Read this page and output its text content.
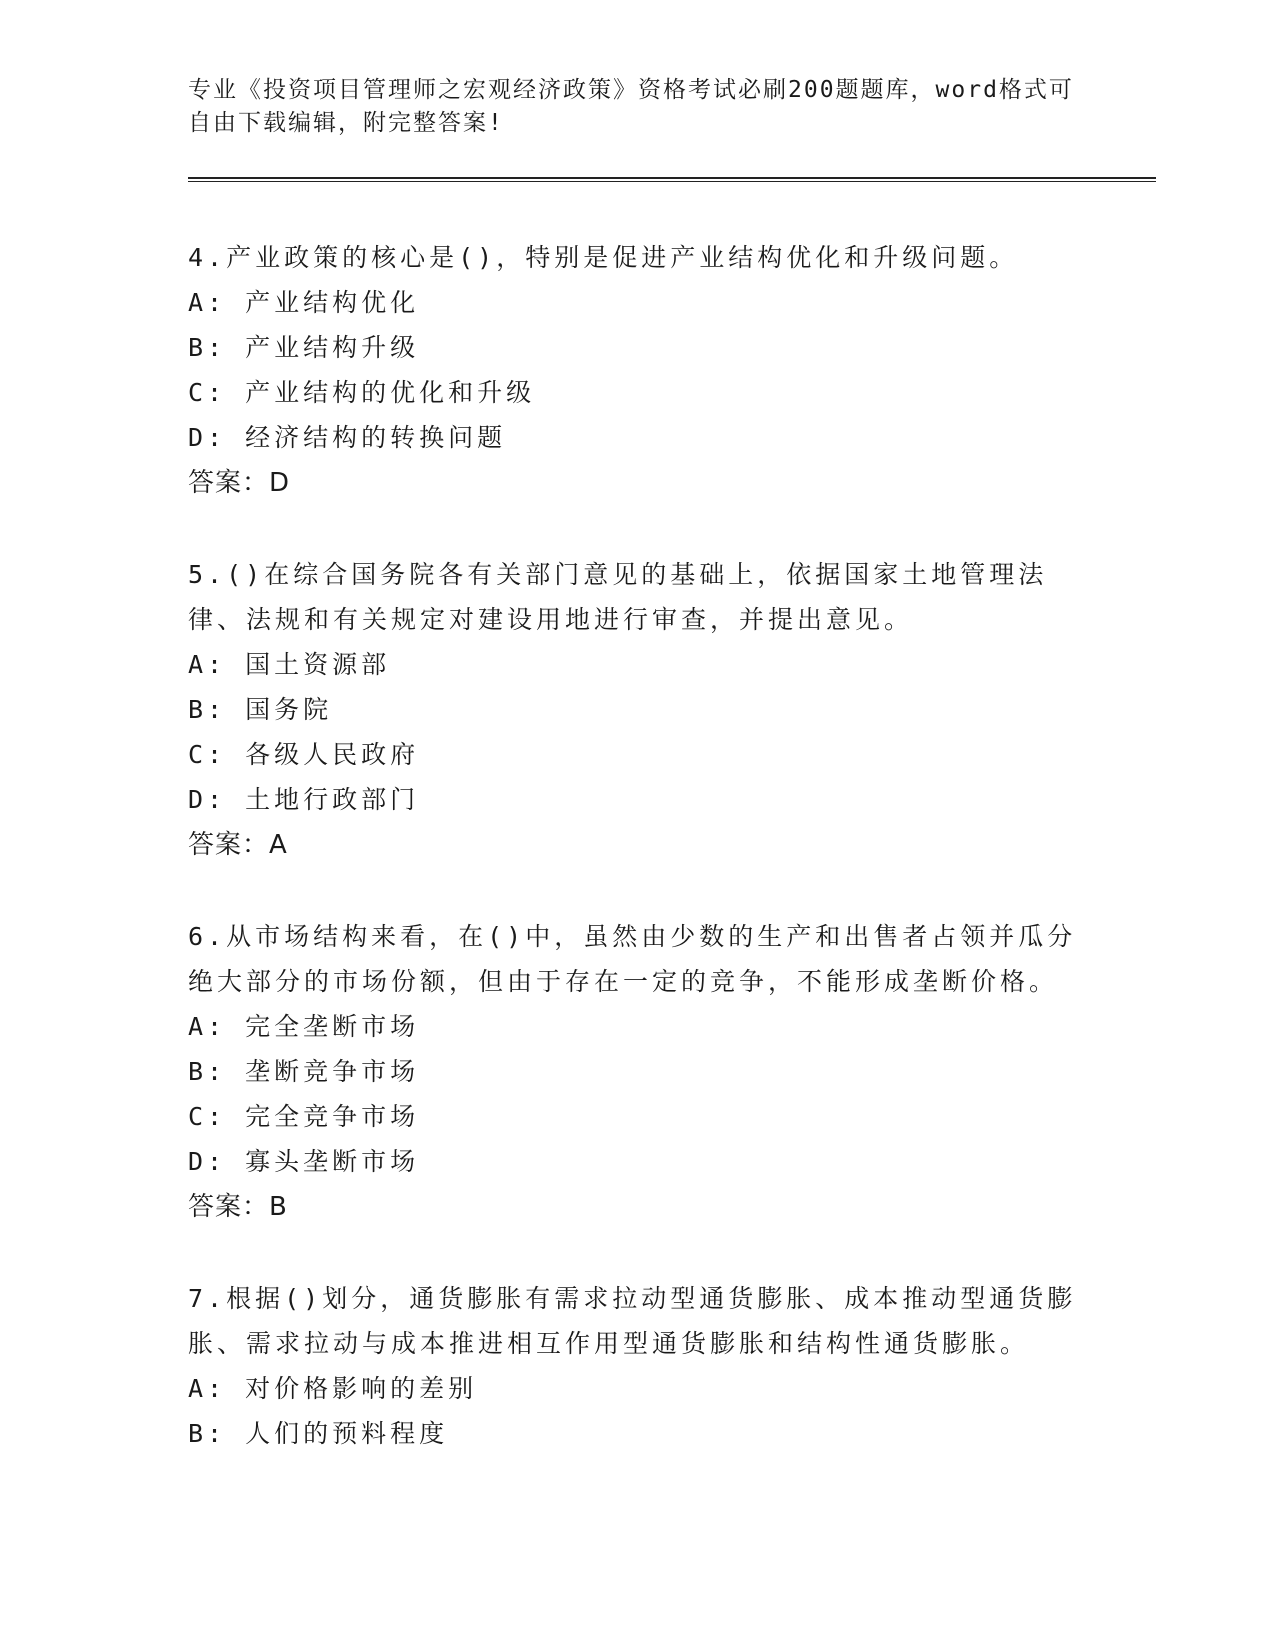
专业《投资项目管理师之宏观经济政策》资格考试必刷200题题库，word格式可自由下载编辑，附完整答案!
4.产业政策的核心是()，特别是促进产业结构优化和升级问题。
A: 产业结构优化
B: 产业结构升级
C: 产业结构的优化和升级
D: 经济结构的转换问题
答案：D
5.()在综合国务院各有关部门意见的基础上，依据国家土地管理法律、法规和有关规定对建设用地进行审查，并提出意见。
A: 国土资源部
B: 国务院
C: 各级人民政府
D: 土地行政部门
答案：A
6.从市场结构来看，在()中，虽然由少数的生产和出售者占领并瓜分绝大部分的市场份额，但由于存在一定的竞争，不能形成垄断价格。
A: 完全垄断市场
B: 垄断竞争市场
C: 完全竞争市场
D: 寡头垄断市场
答案：B
7.根据()划分，通货膨胀有需求拉动型通货膨胀、成本推动型通货膨胀、需求拉动与成本推进相互作用型通货膨胀和结构性通货膨胀。
A: 对价格影响的差别
B: 人们的预料程度
